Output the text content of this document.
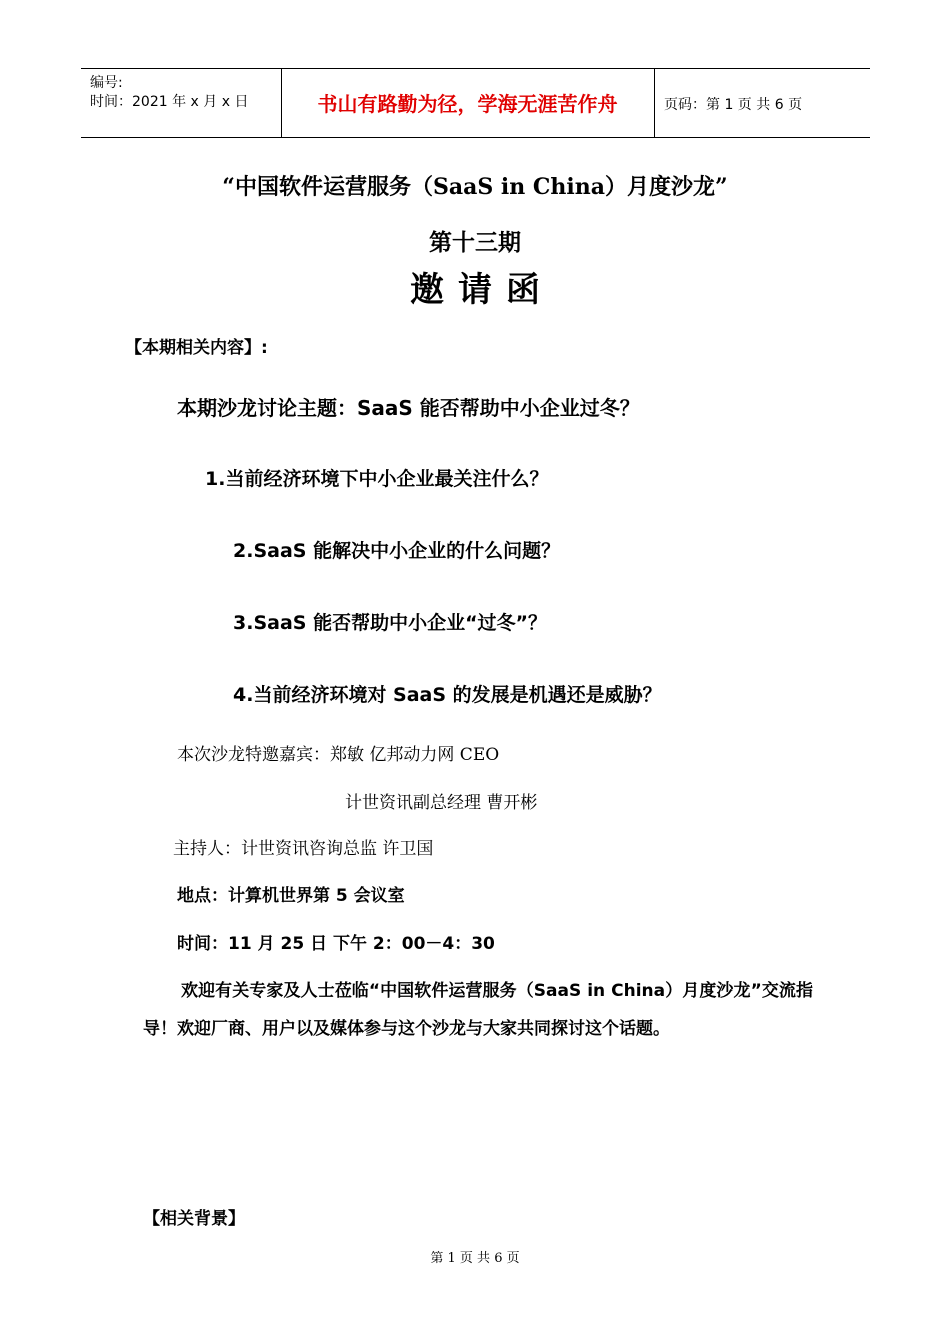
编号:
时间：2021 年 x 月 x 日	书山有路勤为径，学海无涯苦作舟	页码：第 1 页 共 6 页
“中国软件运营服务（SaaS in China）月度沙龙”
第十三期
邀请函
【本期相关内容】:
本期沙龙讨论主题：SaaS 能否帮助中小企业过冬？
1.当前经济环境下中小企业最关注什么？
2.SaaS 能解决中小企业的什么问题？
3.SaaS 能否帮助中小企业“过冬”？
4.当前经济环境对 SaaS 的发展是机遇还是威胁？
本次沙龙特邀嘉宾：郑敏 亿邦动力网 CEO
计世资讯副总经理 曹开彬
主持人：计世资讯咨询总监 许卫国
地点：计算机世界第 5 会议室
时间：11 月 25 日 下午 2：00－4：30
欢迎有关专家及人士莅临“中国软件运营服务（SaaS in China）月度沙龙”交流指导！欢迎厂商、用户以及媒体参与这个沙龙与大家共同探讨这个话题。
【相关背景】
第 1 页 共 6 页
